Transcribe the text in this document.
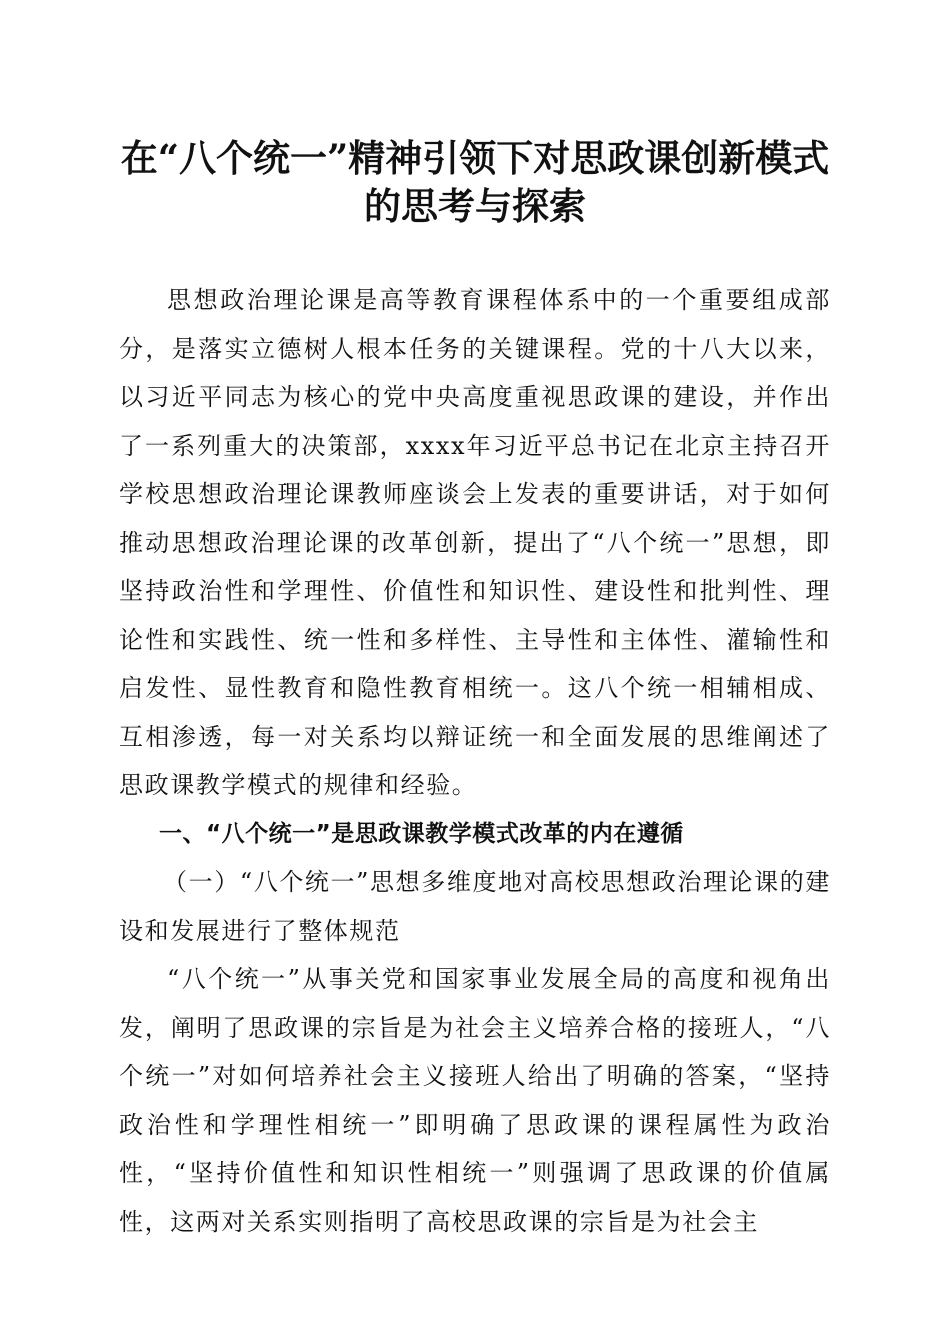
在“八个统一”精神引领下对思政课创新模式
的思考与探索

思想政治理论课是高等教育课程体系中的一个重要组成部分，是落实立德树人根本任务的关键课程。党的十八大以来，以习近平同志为核心的党中央高度重视思政课的建设，并作出了一系列重大的决策部，xxxx年习近平总书记在北京主持召开学校思想政治理论课教师座谈会上发表的重要讲话，对于如何推动思想政治理论课的改革创新，提出了“八个统一”思想，即坚持政治性和学理性、价值性和知识性、建设性和批判性、理论性和实践性、统一性和多样性、主导性和主体性、灌输性和启发性、显性教育和隐性教育相统一。这八个统一相辅相成、互相渗透，每一对关系均以辩证统一和全面发展的思维阐述了思政课教学模式的规律和经验。

一、“八个统一”是思政课教学模式改革的内在遵循

（一）“八个统一”思想多维度地对高校思想政治理论课的建设和发展进行了整体规范

“八个统一”从事关党和国家事业发展全局的高度和视角出发，阐明了思政课的宗旨是为社会主义培养合格的接班人，“八个统一”对如何培养社会主义接班人给出了明确的答案，“坚持政治性和学理性相统一”即明确了思政课的课程属性为政治性，“坚持价值性和知识性相统一”则强调了思政课的价值属性，这两对关系实则指明了高校思政课的宗旨是为社会主
